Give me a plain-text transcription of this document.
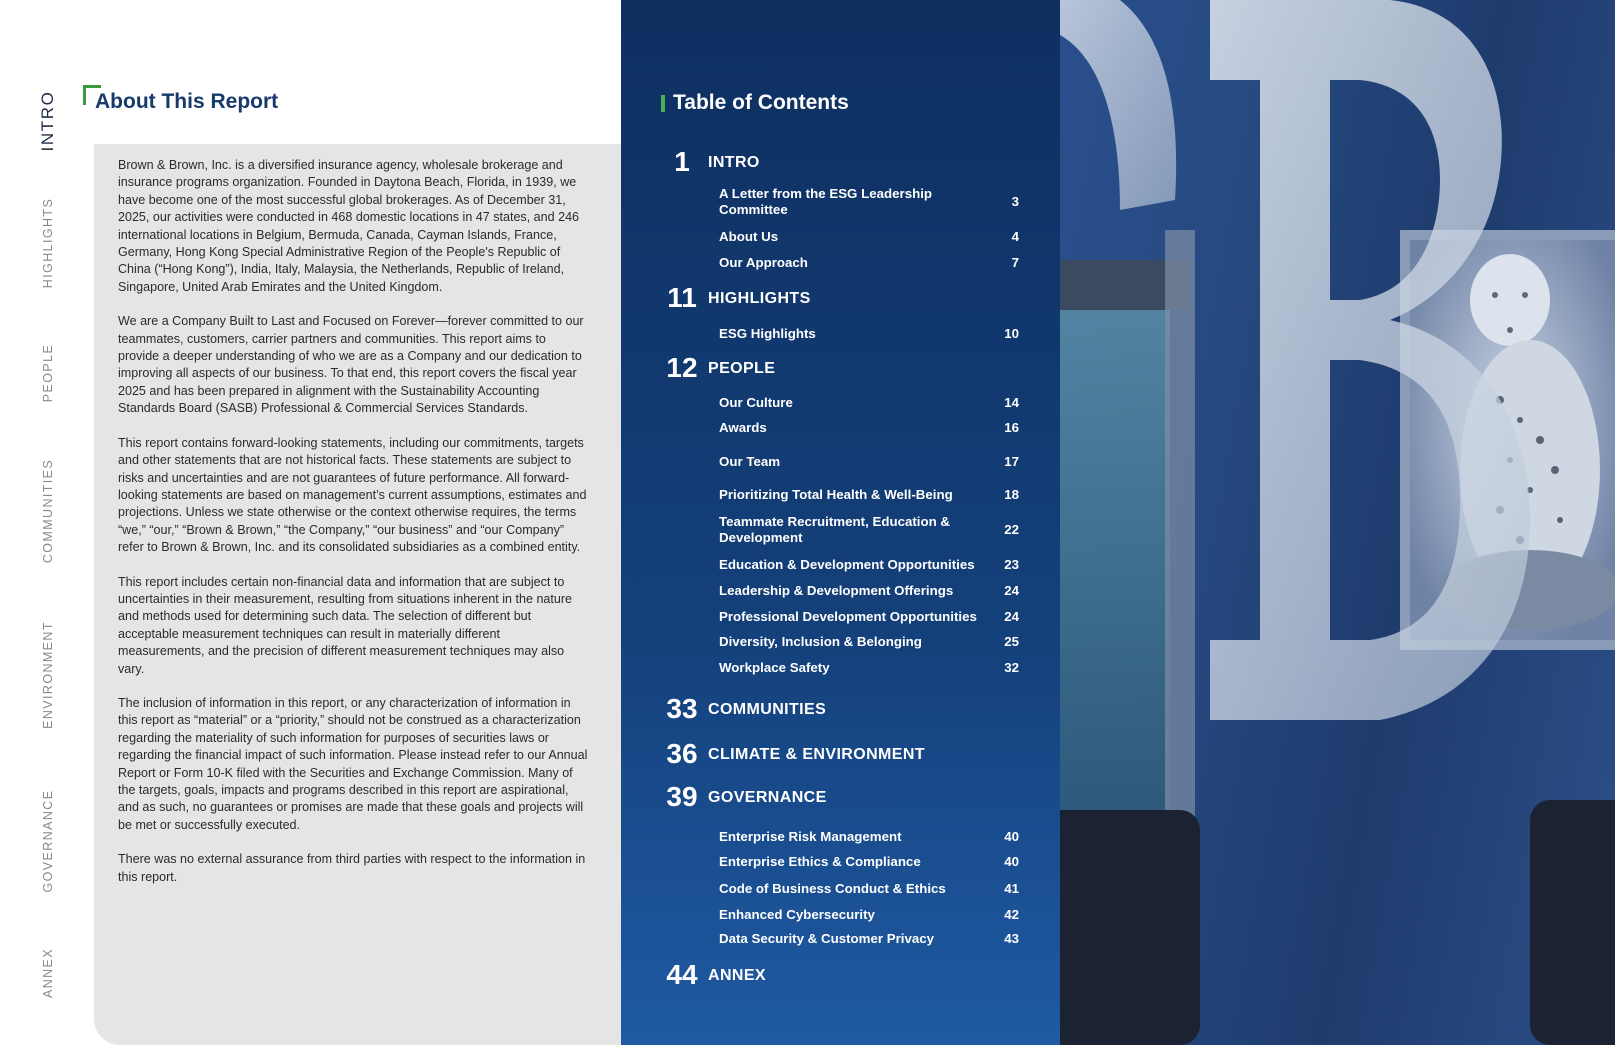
INTRO
HIGHLIGHTS
PEOPLE
COMMUNITIES
ENVIRONMENT
GOVERNANCE
ANNEX
About This Report

Brown & Brown, Inc. is a diversified insurance agency, wholesale brokerage and insurance programs organization. Founded in Daytona Beach, Florida, in 1939, we have become one of the most successful global brokerages. As of December 31, 2025, our activities were conducted in 468 domestic locations in 47 states, and 246 international locations in Belgium, Bermuda, Canada, Cayman Islands, France, Germany, Hong Kong Special Administrative Region of the People's Republic of China (“Hong Kong”), India, Italy, Malaysia, the Netherlands, Republic of Ireland, Singapore, United Arab Emirates and the United Kingdom.

We are a Company Built to Last and Focused on Forever—forever committed to our teammates, customers, carrier partners and communities. This report aims to provide a deeper understanding of who we are as a Company and our dedication to improving all aspects of our business. To that end, this report covers the fiscal year 2025 and has been prepared in alignment with the Sustainability Accounting Standards Board (SASB) Professional & Commercial Services Standards.

This report contains forward-looking statements, including our commitments, targets and other statements that are not historical facts. These statements are subject to risks and uncertainties and are not guarantees of future performance. All forward-looking statements are based on management’s current assumptions, estimates and projections. Unless we state otherwise or the context otherwise requires, the terms “we,” “our,” “Brown & Brown,” “the Company,” “our business” and “our Company” refer to Brown & Brown, Inc. and its consolidated subsidiaries as a combined entity.

This report includes certain non-financial data and information that are subject to uncertainties in their measurement, resulting from situations inherent in the nature and methods used for determining such data. The selection of different but acceptable measurement techniques can result in materially different measurements, and the precision of different measurement techniques may also vary.

The inclusion of information in this report, or any characterization of information in this report as “material” or a “priority,” should not be construed as a characterization regarding the materiality of such information for purposes of securities laws or regarding the financial impact of such information. Please instead refer to our Annual Report or Form 10-K filed with the Securities and Exchange Commission. Many of the targets, goals, impacts and programs described in this report are aspirational, and as such, no guarantees or promises are made that these goals and projects will be met or successfully executed.

There was no external assurance from third parties with respect to the information in this report.

Table of Contents
1	INTRO
A Letter from the ESG Leadership Committee
3
About Us	4
Our Approach	7
11 HIGHLIGHTS
ESG Highlights	10
12 PEOPLE
Our Culture	14
Awards	16
Our Team	17
Prioritizing Total Health & Well-Being	18
Teammate Recruitment, Education & Development
22
Education & Development Opportunities	23
Leadership & Development Offerings	24
Professional Development Opportunities	24
Diversity, Inclusion & Belonging	25
Workplace Safety	32
33 COMMUNITIES
36 CLIMATE & ENVIRONMENT
39 GOVERNANCE
Enterprise Risk Management	40
Enterprise Ethics & Compliance	40
Code of Business Conduct & Ethics	41
Enhanced Cybersecurity	42
Data Security & Customer Privacy	43
44 ANNEX
